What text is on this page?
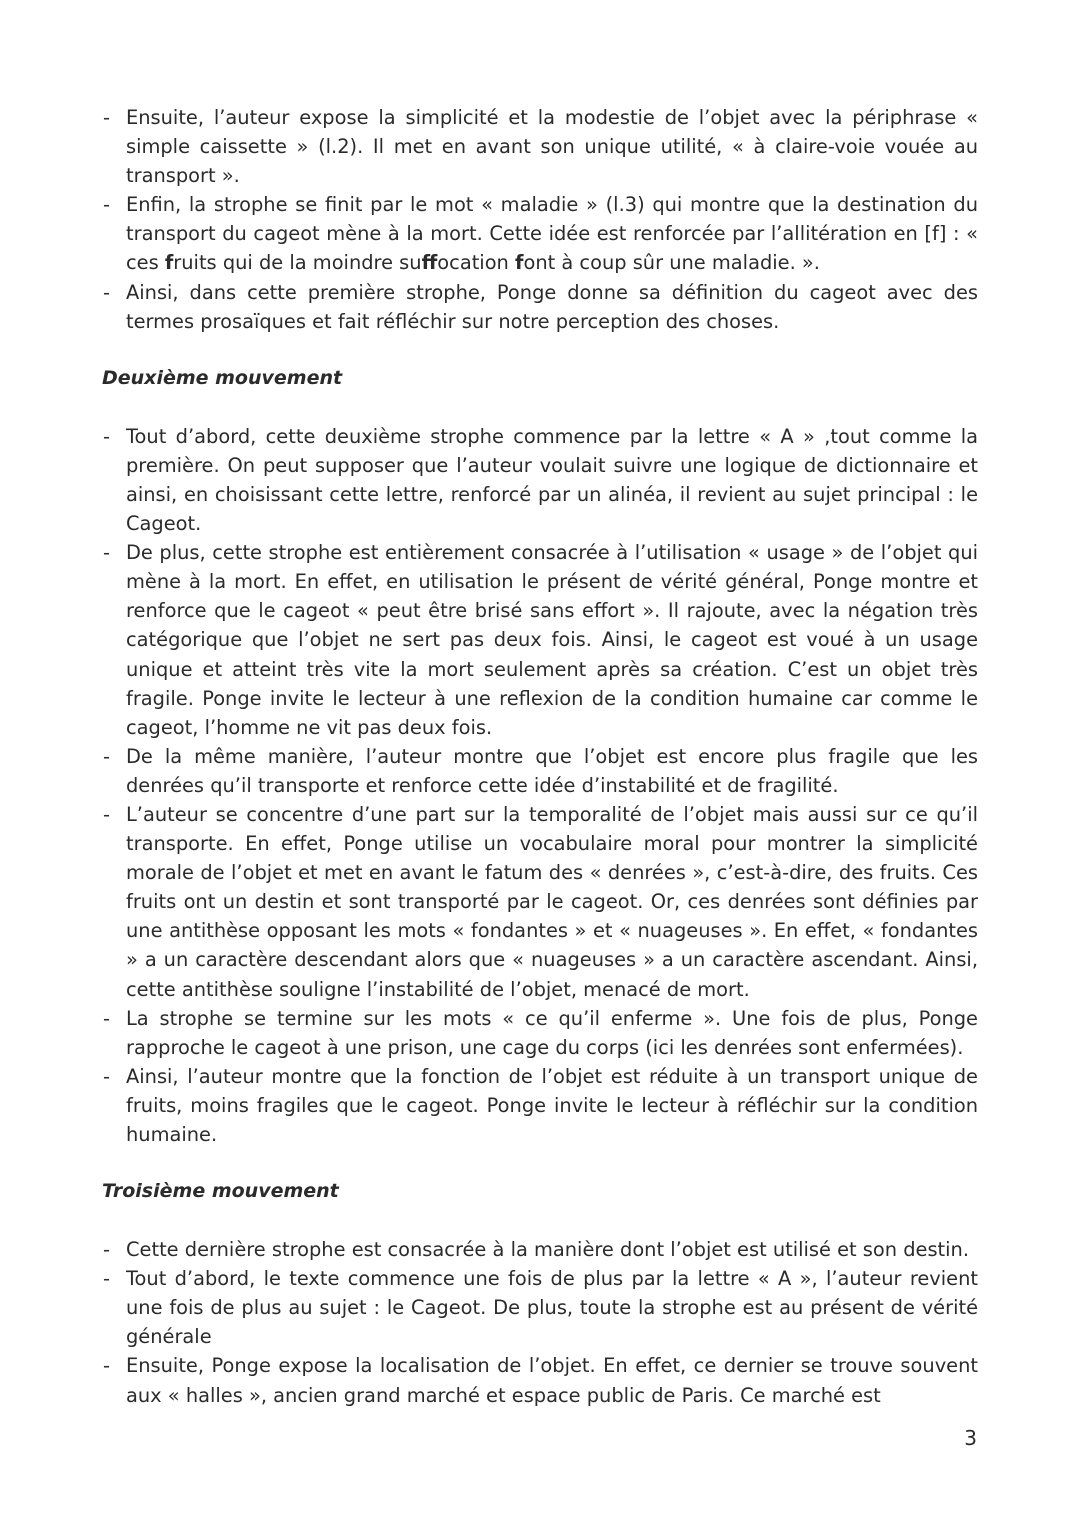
- Ensuite, l’auteur expose la simplicité et la modestie de l’objet avec la périphrase « simple caissette » (l.2). Il met en avant son unique utilité, « à claire-voie vouée au transport ».
- Enfin, la strophe se finit par le mot « maladie » (l.3) qui montre que la destination du transport du cageot mène à la mort. Cette idée est renforcée par l’allitération en [f] : « ces fruits qui de la moindre suffocation font à coup sûr une maladie. ».
- Ainsi, dans cette première strophe, Ponge donne sa définition du cageot avec des termes prosaïques et fait réfléchir sur notre perception des choses.
Deuxième mouvement
- Tout d’abord, cette deuxième strophe commence par la lettre « A » ,tout comme la première. On peut supposer que l’auteur voulait suivre une logique de dictionnaire et ainsi, en choisissant cette lettre, renforcé par un alinéa, il revient au sujet principal : le Cageot.
- De plus, cette strophe est entièrement consacrée à l’utilisation « usage » de l’objet qui mène à la mort. En effet, en utilisation le présent de vérité général, Ponge montre et renforce que le cageot « peut être brisé sans effort ». Il rajoute, avec la négation très catégorique que l’objet ne sert pas deux fois. Ainsi, le cageot est voué à un usage unique et atteint très vite la mort seulement après sa création. C’est un objet très fragile. Ponge invite le lecteur à une reflexion de la condition humaine car comme le cageot, l’homme ne vit pas deux fois.
- De la même manière, l’auteur montre que l’objet est encore plus fragile que les denrées qu’il transporte et renforce cette idée d’instabilité et de fragilité.
- L’auteur se concentre d’une part sur la temporalité de l’objet mais aussi sur ce qu’il transporte. En effet, Ponge utilise un vocabulaire moral pour montrer la simplicité morale de l’objet et met en avant le fatum des « denrées », c’est-à-dire, des fruits. Ces fruits ont un destin et sont transporté par le cageot. Or, ces denrées sont définies par une antithèse opposant les mots « fondantes » et « nuageuses ». En effet, « fondantes » a un caractère descendant alors que « nuageuses » a un caractère ascendant. Ainsi, cette antithèse souligne l’instabilité de l’objet, menacé de mort.
- La strophe se termine sur les mots « ce qu’il enferme ». Une fois de plus, Ponge rapproche le cageot à une prison, une cage du corps (ici les denrées sont enfermées).
- Ainsi, l’auteur montre que la fonction de l’objet est réduite à un transport unique de fruits, moins fragiles que le cageot. Ponge invite le lecteur à réfléchir sur la condition humaine.
Troisième mouvement
- Cette dernière strophe est consacrée à la manière dont l’objet est utilisé et son destin.
- Tout d’abord, le texte commence une fois de plus par la lettre « A », l’auteur revient une fois de plus au sujet : le Cageot. De plus, toute la strophe est au présent de vérité générale
- Ensuite, Ponge expose la localisation de l’objet. En effet, ce dernier se trouve souvent aux « halles », ancien grand marché et espace public de Paris. Ce marché est
3
